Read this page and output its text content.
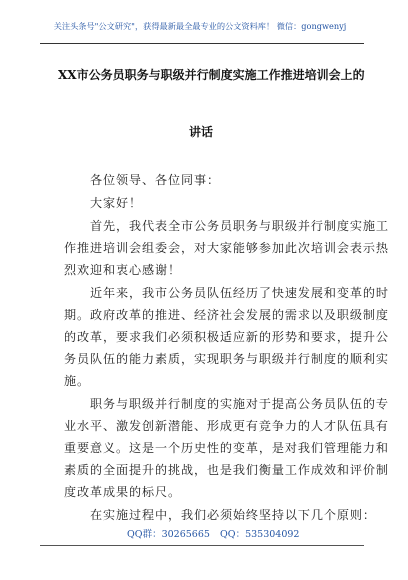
关注头条号"公文研究"，获得最新最全最专业的公文资料库！ 微信：gongwenyj

XX市公务员职务与职级并行制度实施工作推进培训会上的

讲话

各位领导、各位同事：

大家好！

首先，我代表全市公务员职务与职级并行制度实施工

作推进培训会组委会，对大家能够参加此次培训会表示热

烈欢迎和衷心感谢！

近年来，我市公务员队伍经历了快速发展和变革的时

期。政府改革的推进、经济社会发展的需求以及职级制度

的改革，要求我们必须积极适应新的形势和要求，提升公

务员队伍的能力素质，实现职务与职级并行制度的顺利实

施。

职务与职级并行制度的实施对于提高公务员队伍的专

业水平、激发创新潜能、形成更有竞争力的人才队伍具有

重要意义。这是一个历史性的变革，是对我们管理能力和

素质的全面提升的挑战，也是我们衡量工作成效和评价制

度改革成果的标尺。

在实施过程中，我们必须始终坚持以下几个原则：

QQ群：30265665 QQ：535304092
